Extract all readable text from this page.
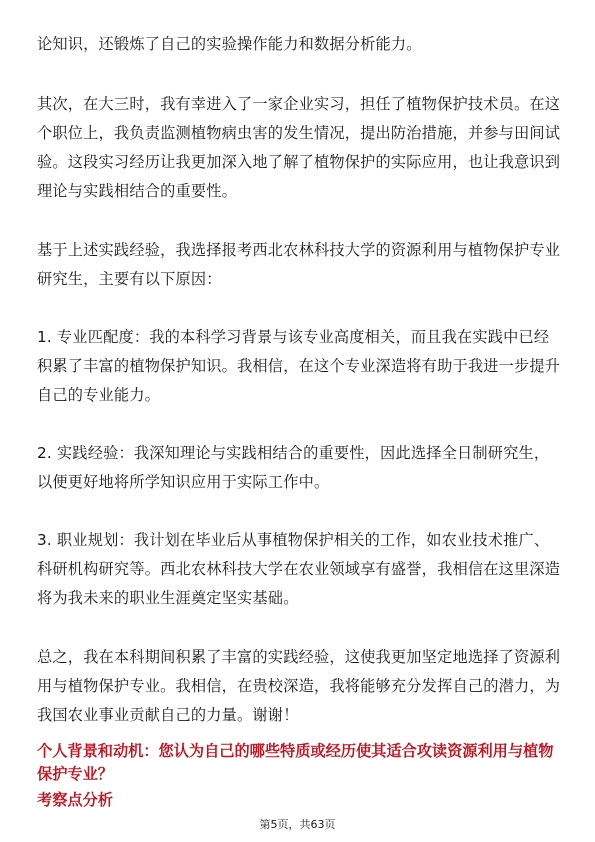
论知识，还锻炼了自己的实验操作能力和数据分析能力。

其次，在大三时，我有幸进入了一家企业实习，担任了植物保护技术员。在这个职位上，我负责监测植物病虫害的发生情况，提出防治措施，并参与田间试验。这段实习经历让我更加深入地了解了植物保护的实际应用，也让我意识到理论与实践相结合的重要性。

基于上述实践经验，我选择报考西北农林科技大学的资源利用与植物保护专业研究生，主要有以下原因：

1. 专业匹配度：我的本科学习背景与该专业高度相关，而且我在实践中已经积累了丰富的植物保护知识。我相信，在这个专业深造将有助于我进一步提升自己的专业能力。

2. 实践经验：我深知理论与实践相结合的重要性，因此选择全日制研究生，以便更好地将所学知识应用于实际工作中。

3. 职业规划：我计划在毕业后从事植物保护相关的工作，如农业技术推广、科研机构研究等。西北农林科技大学在农业领域享有盛誉，我相信在这里深造将为我未来的职业生涯奠定坚实基础。

总之，我在本科期间积累了丰富的实践经验，这使我更加坚定地选择了资源利用与植物保护专业。我相信，在贵校深造，我将能够充分发挥自己的潜力，为我国农业事业贡献自己的力量。谢谢！

个人背景和动机：您认为自己的哪些特质或经历使其适合攻读资源利用与植物保护专业？

考察点分析

第5页，共63页
